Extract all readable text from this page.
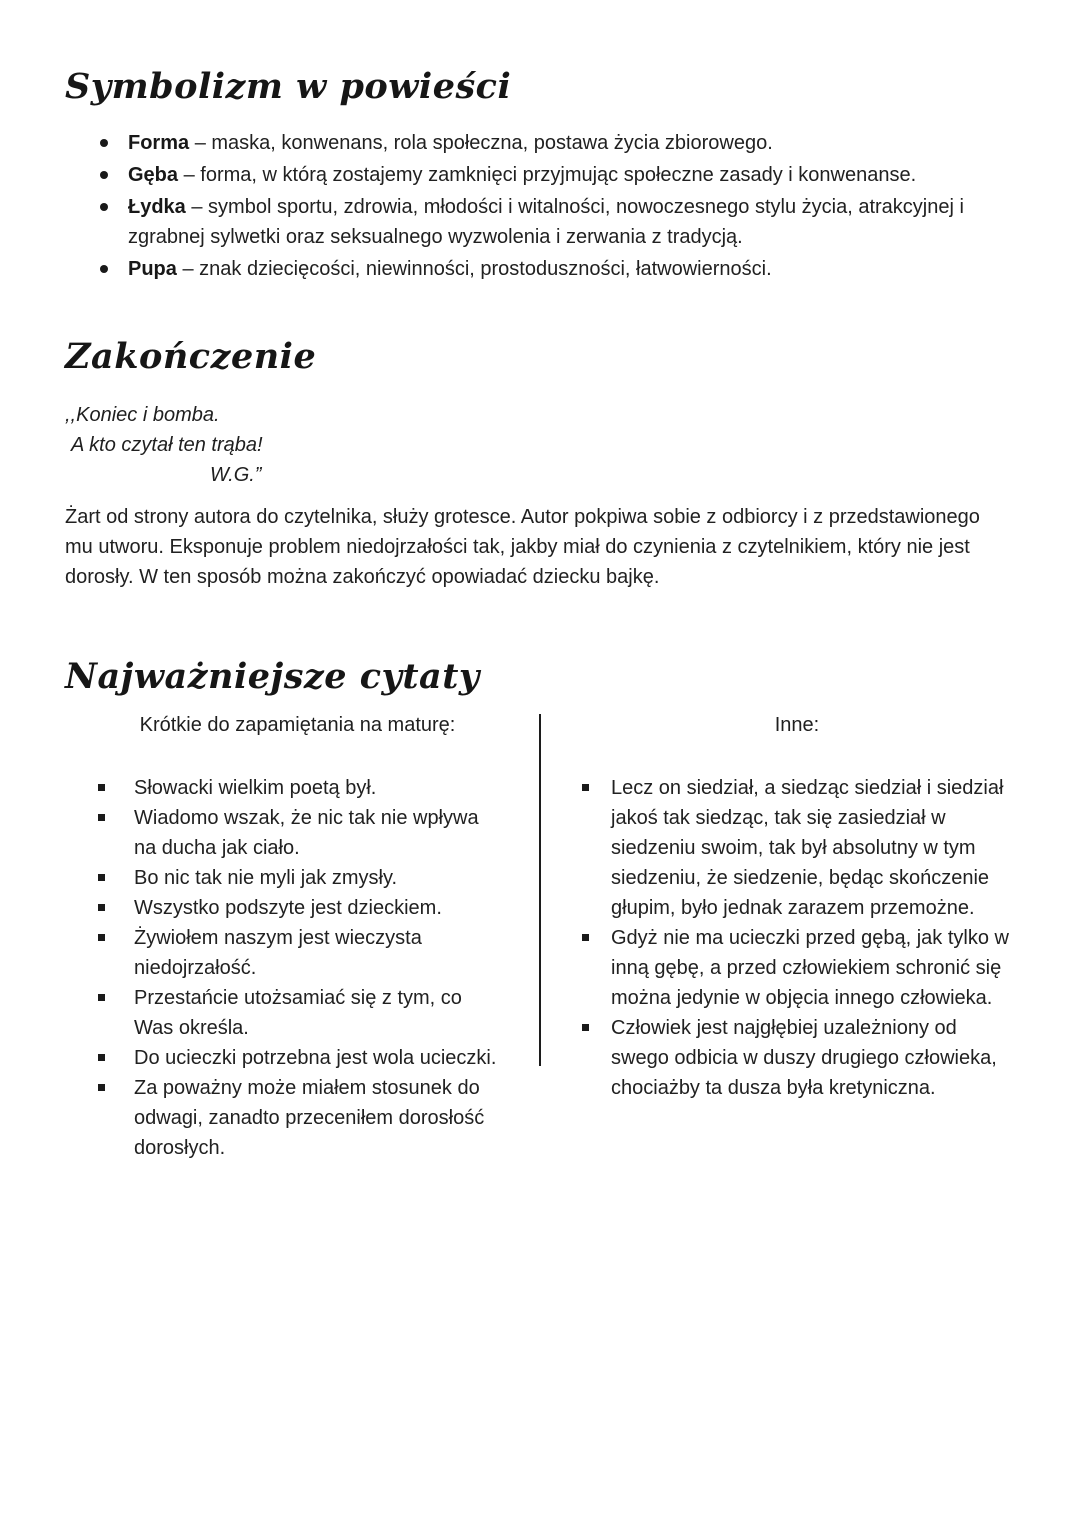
Symbolizm w powieści
Forma – maska, konwenans, rola społeczna, postawa życia zbiorowego.
Gęba – forma, w którą zostajemy zamknięci przyjmując społeczne zasady i konwenanse.
Łydka – symbol sportu, zdrowia, młodości i witalności, nowoczesnego stylu życia, atrakcyjnej i zgrabnej sylwetki oraz seksualnego wyzwolenia i zerwania z tradycją.
Pupa – znak dziecięcości, niewinności, prostoduszności, łatwowierności.
Zakończenie
,,Koniec i bomba.
A kto czytał ten trąba!
W.G.”

Żart od strony autora do czytelnika, służy grotesce. Autor pokpiwa sobie z odbiorcy i z przedstawionego mu utworu. Eksponuje problem niedojrzałości tak, jakby miał do czynienia z czytelnikiem, który nie jest dorosły. W ten sposób można zakończyć opowiadać dziecku bajkę.

Najważniejsze cytaty
Krótkie do zapamiętania na maturę:
Słowacki wielkim poetą był.
Wiadomo wszak, że nic tak nie wpływa na ducha jak ciało.
Bo nic tak nie myli jak zmysły.
Wszystko podszyte jest dzieckiem.
Żywiołem naszym jest wieczysta niedojrzałość.
Przestańcie utożsamiać się z tym, co Was określa.
Do ucieczki potrzebna jest wola ucieczki.
Za poważny może miałem stosunek do odwagi, zanadto przeceniłem dorosłość dorosłych.
Inne:
Lecz on siedział, a siedząc siedział i siedział jakoś tak siedząc, tak się zasiedział w siedzeniu swoim, tak był absolutny w tym siedzeniu, że siedzenie, będąc skończenie głupim, było jednak zarazem przemożne.
Gdyż nie ma ucieczki przed gębą, jak tylko w inną gębę, a przed człowiekiem schronić się można jedynie w objęcia innego człowieka.
Człowiek jest najgłębiej uzależniony od swego odbicia w duszy drugiego człowieka, chociażby ta dusza była kretyniczna.
